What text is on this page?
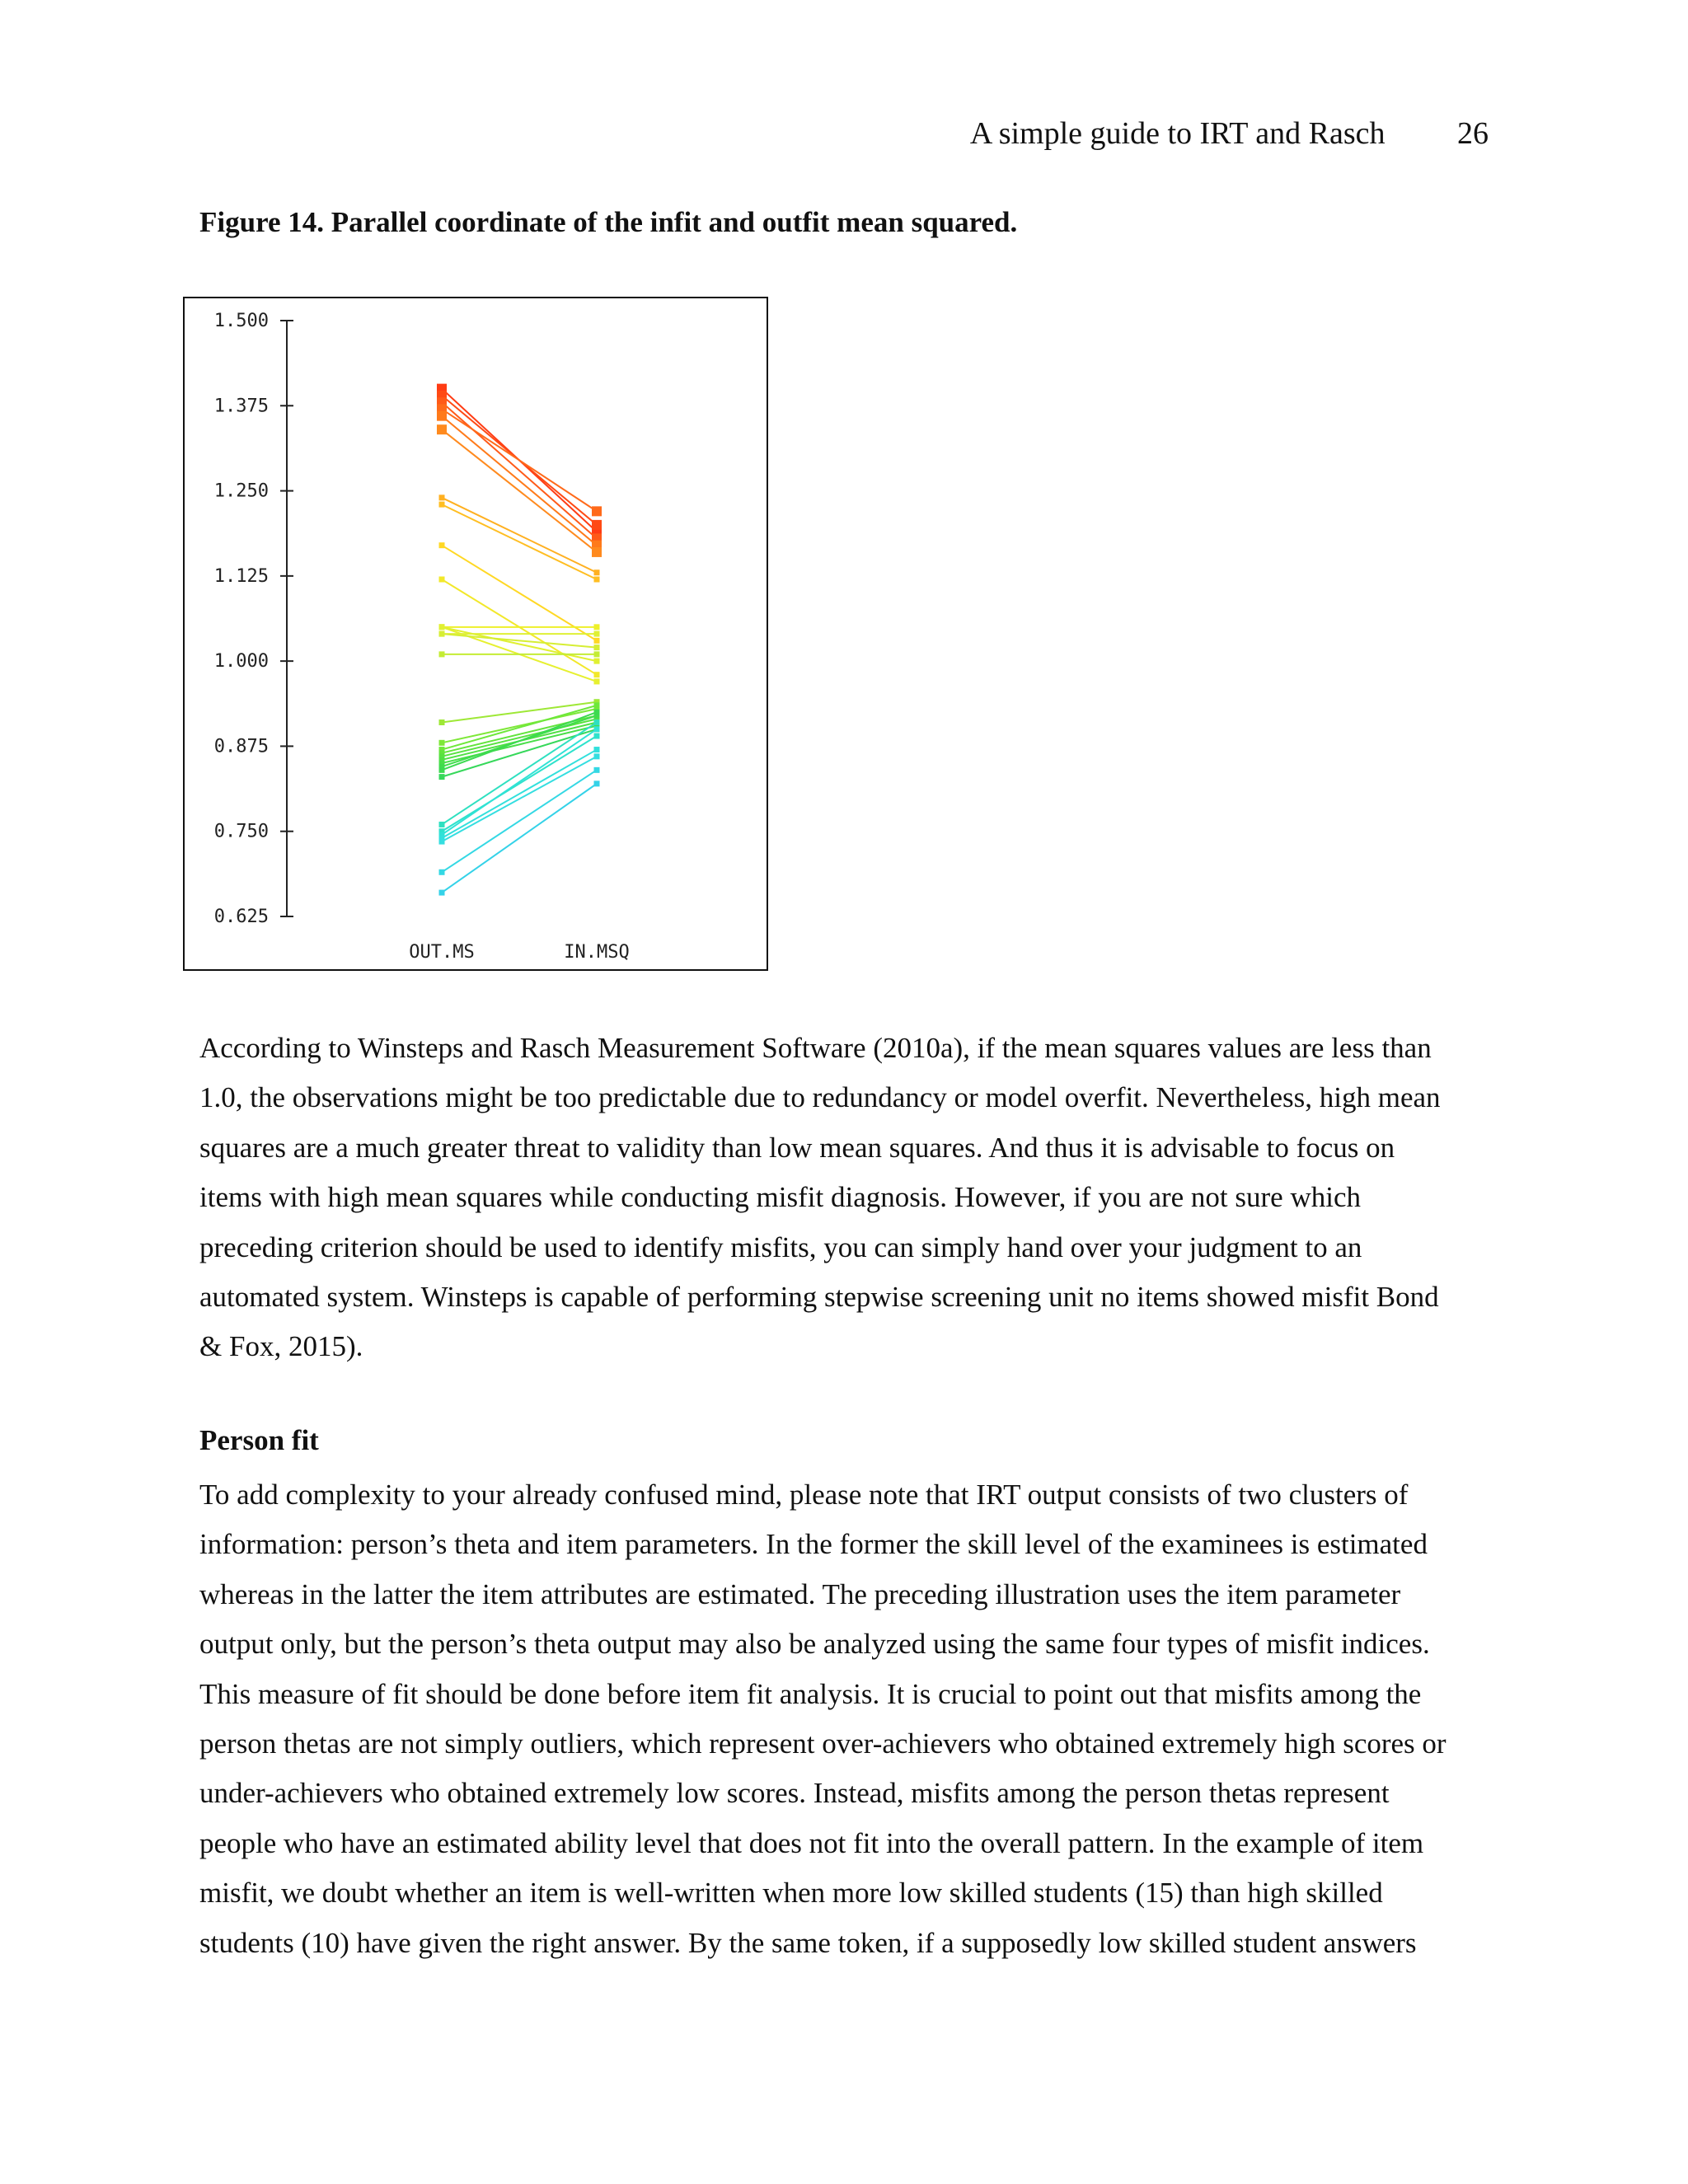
A simple guide to IRT and Rasch 26
Figure 14. Parallel coordinate of the infit and outfit mean squared.
1.500
1.375
1.250
1.125
1.000
0.875
0.750
0.625
OUT.MS	IN.MSQ
According to Winsteps and Rasch Measurement Software (2010a), if the mean squares values are less than
1.0, the observations might be too predictable due to redundancy or model overfit. Nevertheless, high mean
squares are a much greater threat to validity than low mean squares. And thus it is advisable to focus on
items with high mean squares while conducting misfit diagnosis. However, if you are not sure which
preceding criterion should be used to identify misfits, you can simply hand over your judgment to an
automated system. Winsteps is capable of performing stepwise screening unit no items showed misfit Bond
& Fox, 2015).
Person fit
To add complexity to your already confused mind, please note that IRT output consists of two clusters of
information: person’s theta and item parameters. In the former the skill level of the examinees is estimated
whereas in the latter the item attributes are estimated. The preceding illustration uses the item parameter
output only, but the person’s theta output may also be analyzed using the same four types of misfit indices.
This measure of fit should be done before item fit analysis. It is crucial to point out that misfits among the
person thetas are not simply outliers, which represent over-achievers who obtained extremely high scores or
under-achievers who obtained extremely low scores. Instead, misfits among the person thetas represent
people who have an estimated ability level that does not fit into the overall pattern. In the example of item
misfit, we doubt whether an item is well-written when more low skilled students (15) than high skilled
students (10) have given the right answer. By the same token, if a supposedly low skilled student answers
